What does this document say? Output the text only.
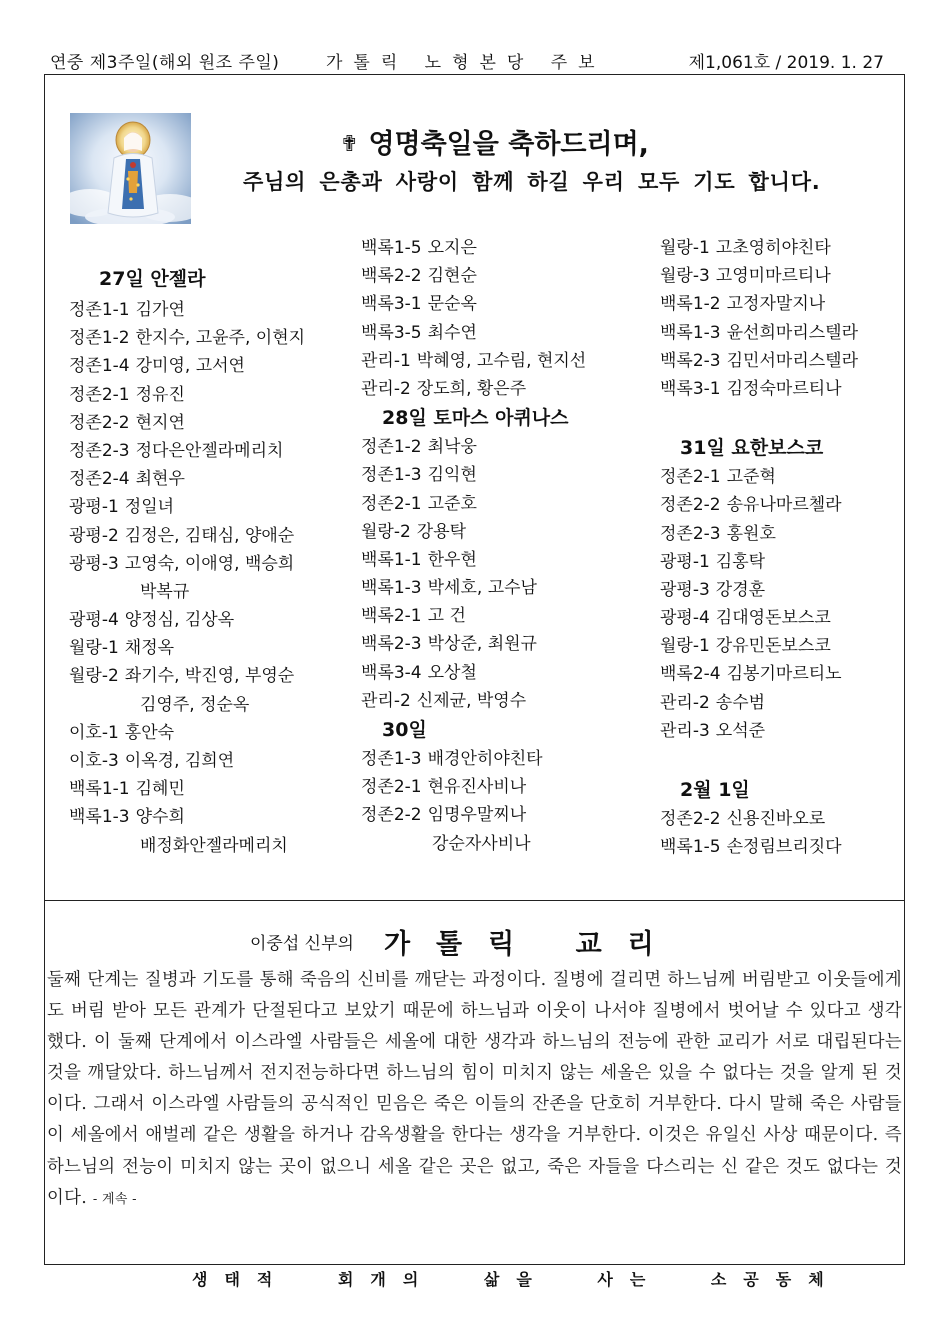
연중 제3주일(해외 원조 주일)	가톨릭 노형본당 주보	제1,061호 / 2019. 1. 27
✟ 영명축일을 축하드리며,
주님의 은총과 사랑이 함께 하길 우리 모두 기도 합니다.
27일 안젤라
정존1-1 김가연
정존1-2 한지수, 고윤주, 이현지
정존1-4 강미영, 고서연
정존2-1 정유진
정존2-2 현지연
정존2-3 정다은안젤라메리치
정존2-4 최현우
광평-1 정일녀
광평-2 김정은, 김태심, 양애순
광평-3 고영숙, 이애영, 백승희
박복규
광평-4 양정심, 김상옥
월랑-1 채정옥
월랑-2 좌기수, 박진영, 부영순
김영주, 정순옥
이호-1 홍안숙
이호-3 이옥경, 김희연
백록1-1 김혜민
백록1-3 양수희
배정화안젤라메리치
백록1-5 오지은
백록2-2 김현순
백록3-1 문순옥
백록3-5 최수연
관리-1 박혜영, 고수림, 현지선
관리-2 장도희, 황은주
28일 토마스 아퀴나스
정존1-2 최낙웅
정존1-3 김익현
정존2-1 고준호
월랑-2 강용탁
백록1-1 한우현
백록1-3 박세호, 고수남
백록2-1 고 건
백록2-3 박상준, 최원규
백록3-4 오상철
관리-2 신제균, 박영수
30일
정존1-3 배경안히야친타
정존2-1 현유진사비나
정존2-2 임명우말찌나
강순자사비나
월랑-1 고초영히야친타
월랑-3 고영미마르티나
백록1-2 고정자말지나
백록1-3 윤선희마리스텔라
백록2-3 김민서마리스텔라
백록3-1 김정숙마르티나
31일 요한보스코
정존2-1 고준혁
정존2-2 송유나마르첼라
정존2-3 홍원호
광평-1 김홍탁
광평-3 강경훈
광평-4 김대영돈보스코
월랑-1 강유민돈보스코
백록2-4 김봉기마르티노
관리-2 송수범
관리-3 오석준
2월 1일
정존2-2 신용진바오로
백록1-5 손정림브리짓다
이중섭 신부의 가톨릭 교리
둘째 단계는 질병과 기도를 통해 죽음의 신비를 깨닫는 과정이다. 질병에 걸리면 하느님께 버림받고 이웃들에게도 버림 받아 모든 관계가 단절된다고 보았기 때문에 하느님과 이웃이 나서야 질병에서 벗어날 수 있다고 생각했다. 이 둘째 단계에서 이스라엘 사람들은 세올에 대한 생각과 하느님의 전능에 관한 교리가 서로 대립된다는 것을 깨달았다. 하느님께서 전지전능하다면 하느님의 힘이 미치지 않는 세올은 있을 수 없다는 것을 알게 된 것이다. 그래서 이스라엘 사람들의 공식적인 믿음은 죽은 이들의 잔존을 단호히 거부한다. 다시 말해 죽은 사람들이 세올에서 애벌레 같은 생활을 하거나 감옥생활을 한다는 생각을 거부한다. 이것은 유일신 사상 때문이다. 즉 하느님의 전능이 미치지 않는 곳이 없으니 세올 같은 곳은 없고, 죽은 자들을 다스리는 신 같은 것도 없다는 것이다. - 계속 -
생태적 회개의 삶을 사는 소공동체
